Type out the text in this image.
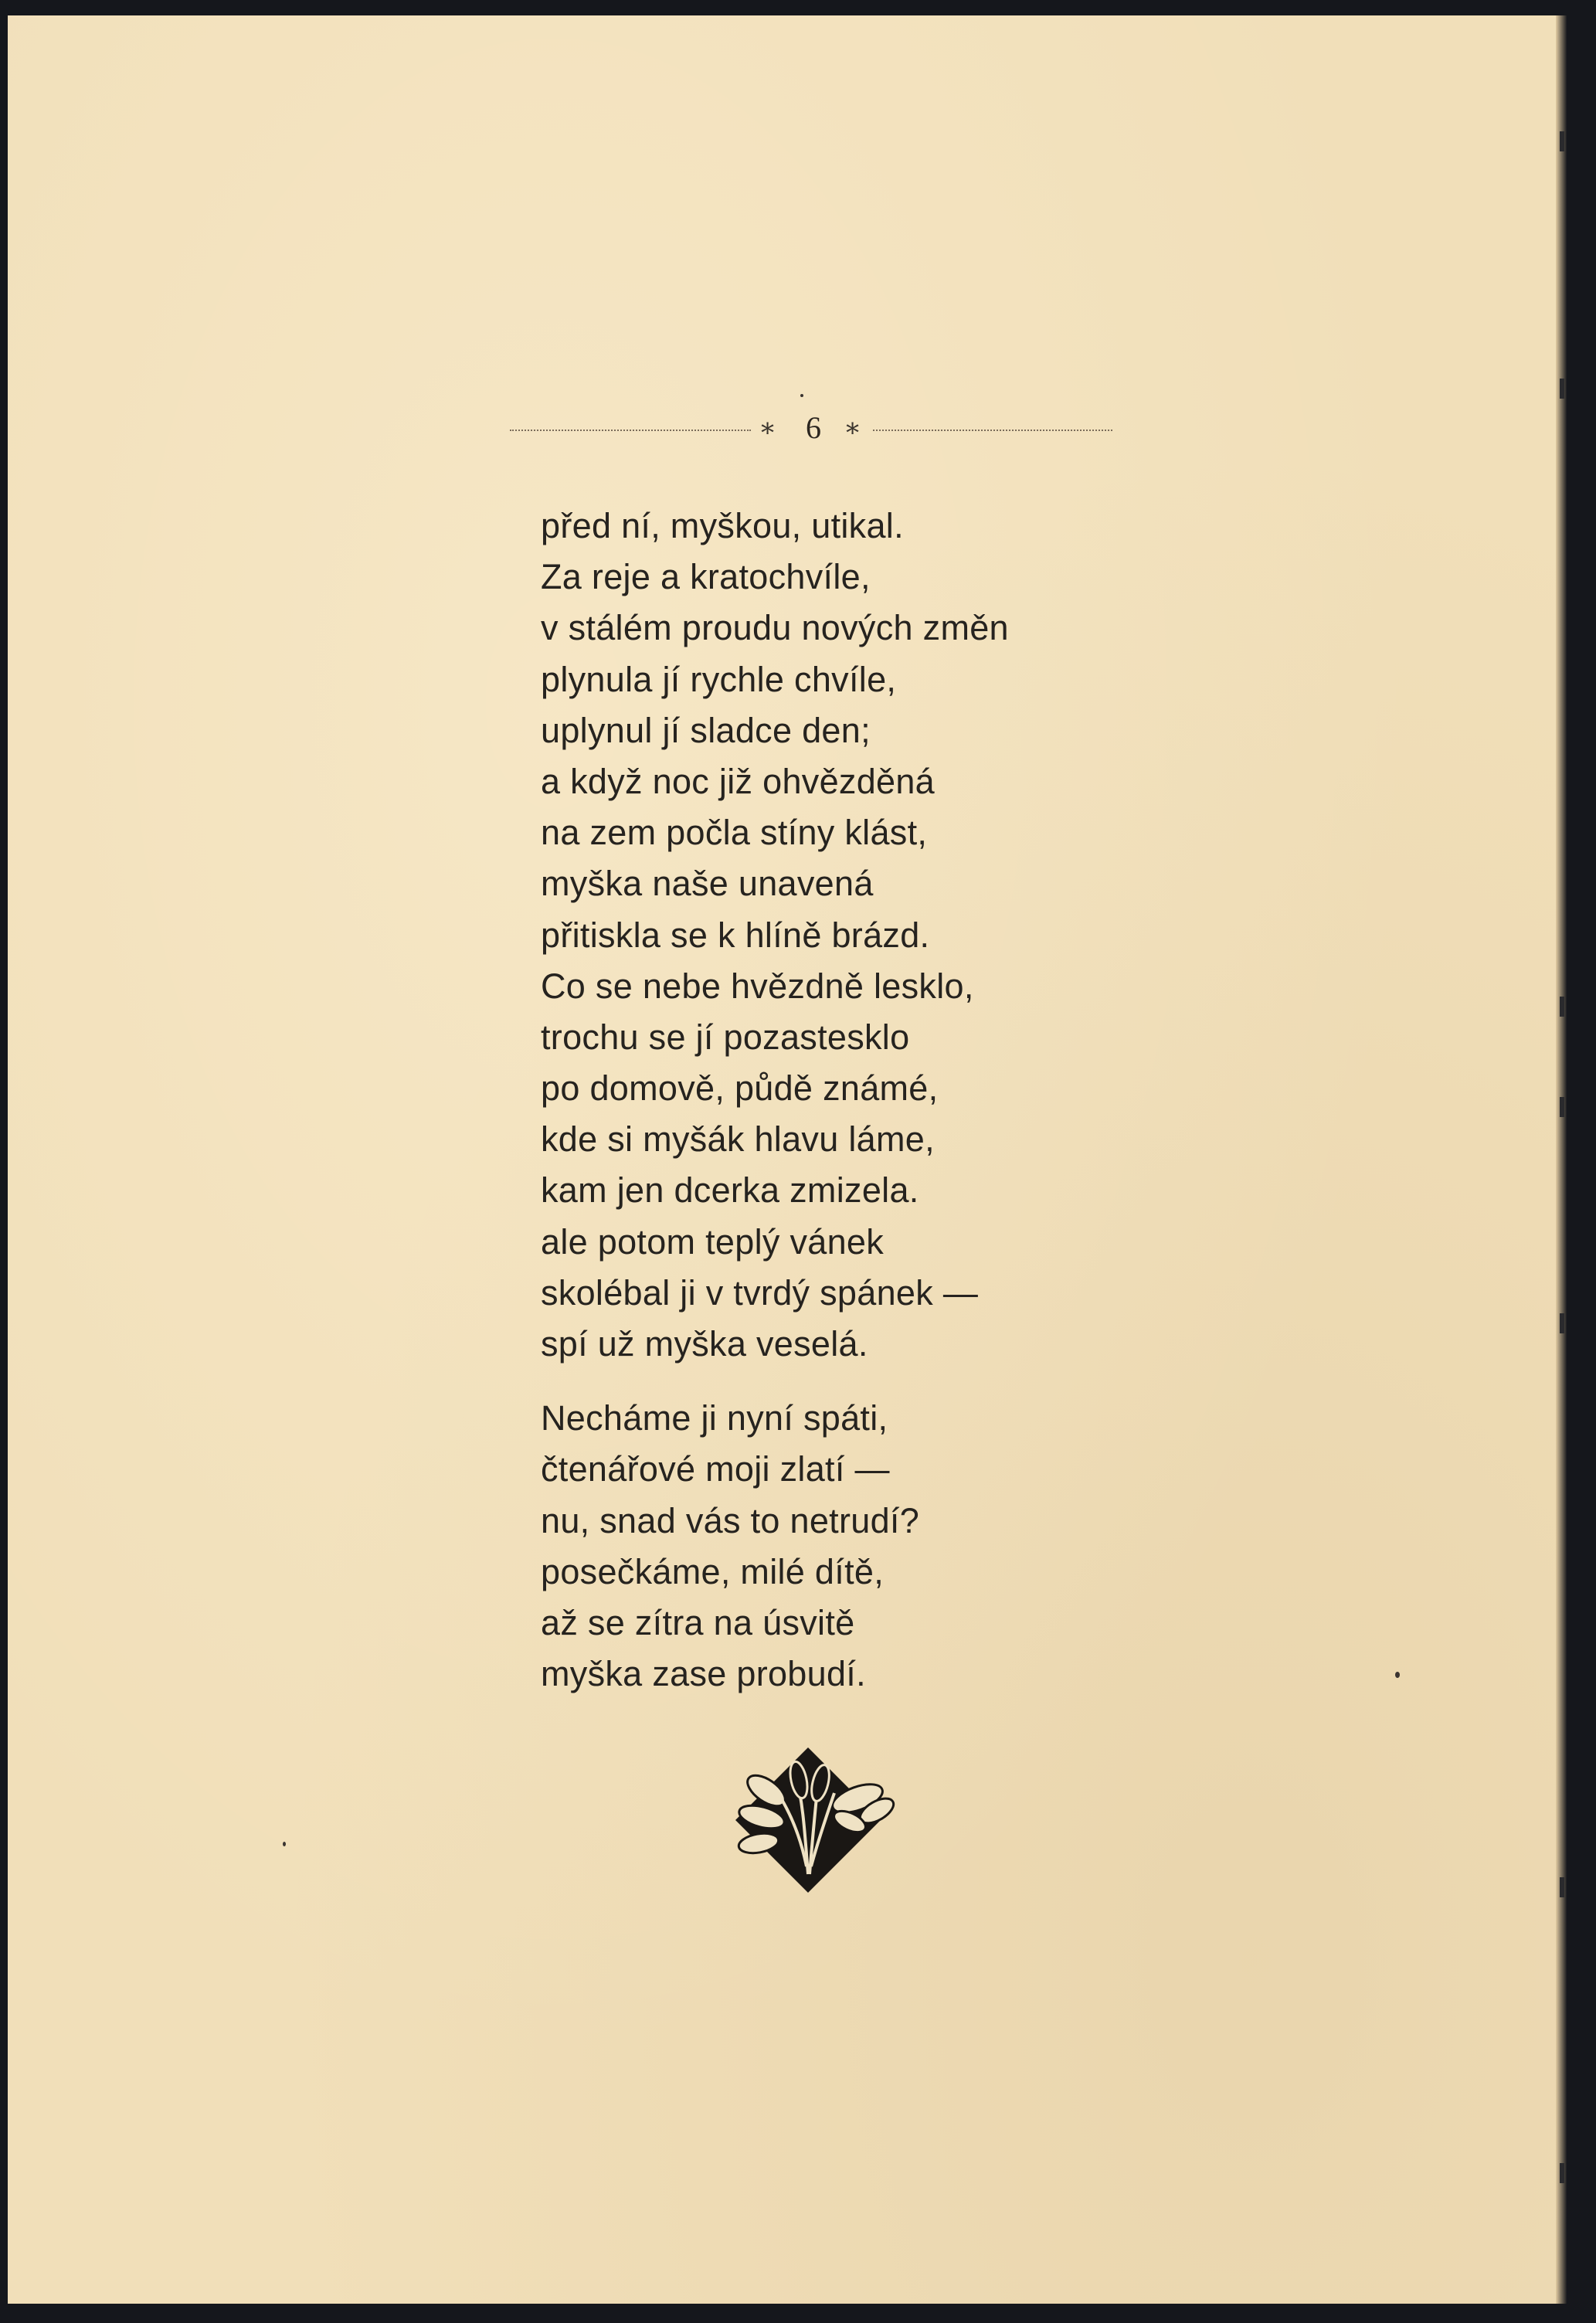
∗ 6 ∗
před ní, myškou, utikal.
Za reje a kratochvíle,
v stálém proudu nových změn
plynula jí rychle chvíle,
uplynul jí sladce den;
a když noc již ohvězděná
na zem počla stíny klást,
myška naše unavená
přitiskla se k hlíně brázd.
Co se nebe hvězdně lesklo,
trochu se jí pozastesklo
po domově, půdě známé,
kde si myšák hlavu láme,
kam jen dcerka zmizela.
ale potom teplý vánek
skolébal ji v tvrdý spánek —
spí už myška veselá.
Necháme ji nyní spáti,
čtenářové moji zlatí —
nu, snad vás to netrudí?
posečkáme, milé dítě,
až se zítra na úsvitě
myška zase probudí.
